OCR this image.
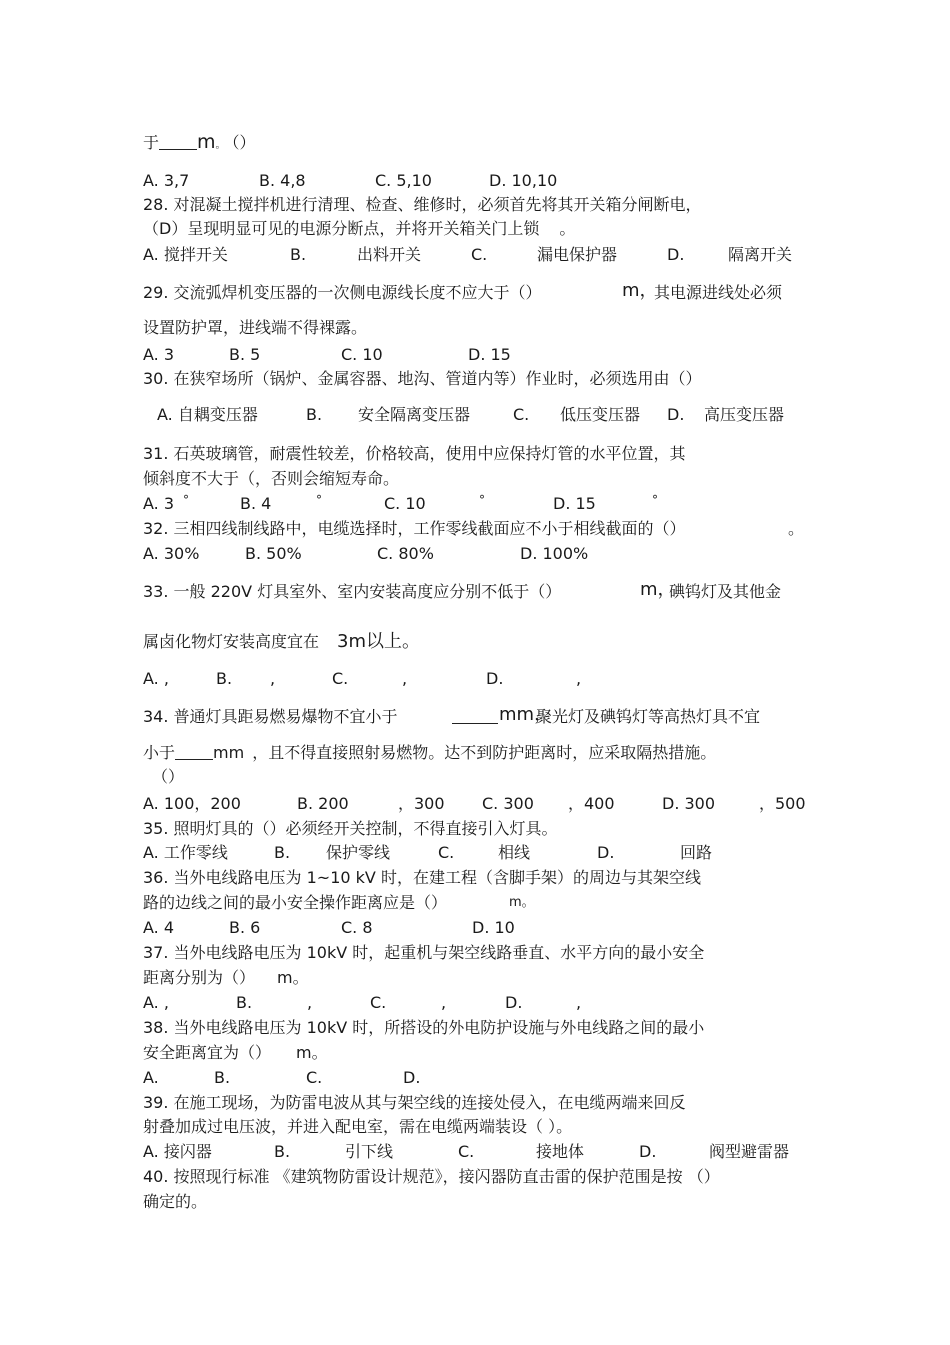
于 m。 （）
A. 3,7	B. 4,8	C. 5,10	D. 10,10
28. 对混凝土搅拌机进行清理、检查、维修时，必须首先将其开关箱分闸断电，
（D）呈现明显可见的电源分断点，并将开关箱关门上锁 。
A. 搅拌开关	B.	出料开关	C.	漏电保护器	D.	隔离开关
29. 交流弧焊机变压器的一次侧电源线长度不应大于（）	m，
其电源进线处必须
设置防护罩，进线端不得裸露。
A. 3	B. 5	C. 10	D. 15
30. 在狭窄场所（锅炉、金属容器、地沟、管道内等）作业时，必须选用由（）
A. 自耦变压器	B. 安全隔离变压器	C. 低压变压器 D. 高压变压器
31. 石英玻璃管，耐震性较差，价格较高，使用中应保持灯管的水平位置，其
倾斜度不大于（，否则会缩短寿命。
A. 3 °	B. 4	°	C. 10	°	D. 15	°
32. 三相四线制线路中，电缆选择时，工作零线截面应不小于相线截面的（）	。
A. 30%	B. 50%	C. 80%	D. 100%
33. 一般 220V 灯具室外、室内安装高度应分别不低于（）	m，
碘钨灯及其他金
属卤化物灯安装高度宜在 3m以上。
A. ,	B. ,	C.	,	D.	,
34. 普通灯具距易燃易爆物不宜小于	mm，
聚光灯及碘钨灯等高热灯具不宜
小于 mm ，且不得直接照射易燃物。达不到防护距离时，应采取隔热措施。
（）
A. 100，200	B. 200	，300 C. 300 ，400	D. 300	，500
35. 照明灯具的（）必须经开关控制，不得直接引入灯具。
A. 工作零线	B. 保护零线	C.	相线	D.	回路
36. 当外电线路电压为 1~10 kV 时，在建工程（含脚手架）的周边与其架空线
路的边线之间的最小安全操作距离应是（）	m。
A. 4	B. 6	C. 8	D. 10
37. 当外电线路电压为 10kV 时，起重机与架空线路垂直、水平方向的最小安全
距离分别为（） m。
A. ,	B.	,	C.	,	D.	,
38. 当外电线路电压为 10kV 时，所搭设的外电防护设施与外电线路之间的最小
安全距离宜为（） m。
A.	B.	C.	D.
39. 在施工现场，为防雷电波从其与架空线的连接处侵入，在电缆两端来回反
射叠加成过电压波，并进入配电室，需在电缆两端装设（ ）。
A. 接闪器	B.	引下线	C.	接地体	D.	阀型避雷器
40. 按照现行标准 《建筑物防雷设计规范》，接闪器防直击雷的保护范围是按 （）
确定的。
